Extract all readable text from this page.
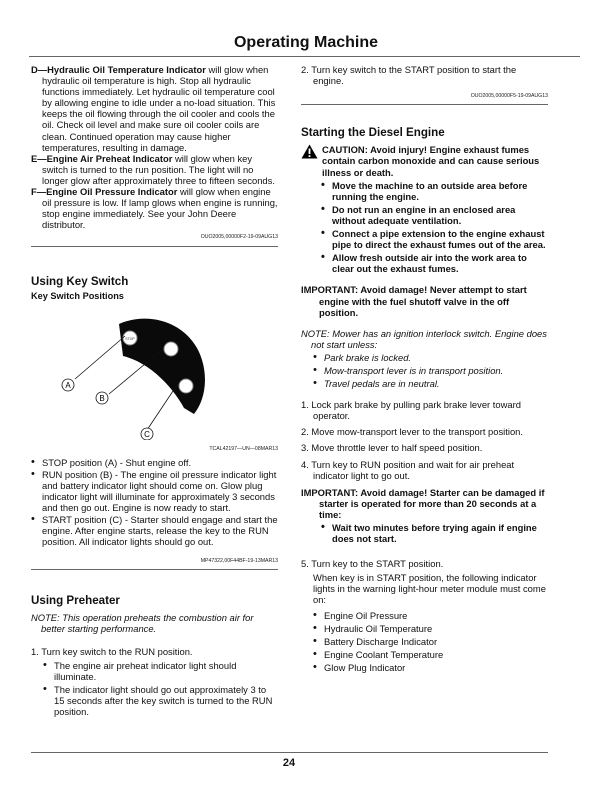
Operating Machine

D—Hydraulic Oil Temperature Indicator will glow when hydraulic oil temperature is high. Stop all hydraulic functions immediately. Let hydraulic oil temperature cool by allowing engine to idle under a no-load situation. This keeps the oil flowing through the oil cooler and cools the oil. Check oil level and make sure oil cooler coils are clean. Continued operation may cause higher temperatures, resulting in damage.

E—Engine Air Preheat Indicator will glow when key switch is turned to the run position. The light will no longer glow after approximately three to fifteen seconds.

F—Engine Oil Pressure Indicator will glow when engine oil pressure is low. If lamp glows when engine is running, stop engine immediately. See your John Deere distributor.

OUO2005,00000F2-19-09AUG13
Using Key Switch
Key Switch Positions
STOP
A
B
C
TCAL42197—UN—08MAR13
• STOP position (A) - Shut engine off.
• RUN position (B) - The engine oil pressure indicator light and battery indicator light should come on. Glow plug indicator light will illuminate for approximately 3 seconds and then go out. Engine is now ready to start.
• START position (C) - Starter should engage and start the engine. After engine starts, release the key to the RUN position. All indicator lights should go out.
MP47322,00F44BF-19-13MAR13
Using Preheater

NOTE: This operation preheats the combustion air for better starting performance.

1. Turn key switch to the RUN position.

• The engine air preheat indicator light should illuminate.
• The indicator light should go out approximately 3 to 15 seconds after the key switch is turned to the RUN position.

2. Turn key switch to the START position to start the engine.

OUO2005,00000F5-19-09AUG13
Starting the Diesel Engine

CAUTION: Avoid injury! Engine exhaust fumes contain carbon monoxide and can cause serious illness or death.

• Move the machine to an outside area before running the engine.
• Do not run an engine in an enclosed area without adequate ventilation.
• Connect a pipe extension to the engine exhaust pipe to direct the exhaust fumes out of the area.
• Allow fresh outside air into the work area to clear out the exhaust fumes.

IMPORTANT: Avoid damage! Never attempt to start engine with the fuel shutoff valve in the off position.

NOTE: Mower has an ignition interlock switch. Engine does not start unless:

• Park brake is locked.
• Mow-transport lever is in transport position.
• Travel pedals are in neutral.

1. Lock park brake by pulling park brake lever toward operator.

2. Move mow-transport lever to the transport position.

3. Move throttle lever to half speed position.

4. Turn key to RUN position and wait for air preheat indicator light to go out.

IMPORTANT: Avoid damage! Starter can be damaged if starter is operated for more than 20 seconds at a time:

• Wait two minutes before trying again if engine does not start.

5. Turn key to the START position.

When key is in START position, the following indicator lights in the warning light-hour meter module must come on:

• Engine Oil Pressure
• Hydraulic Oil Temperature
• Battery Discharge Indicator
• Engine Coolant Temperature
• Glow Plug Indicator
24
